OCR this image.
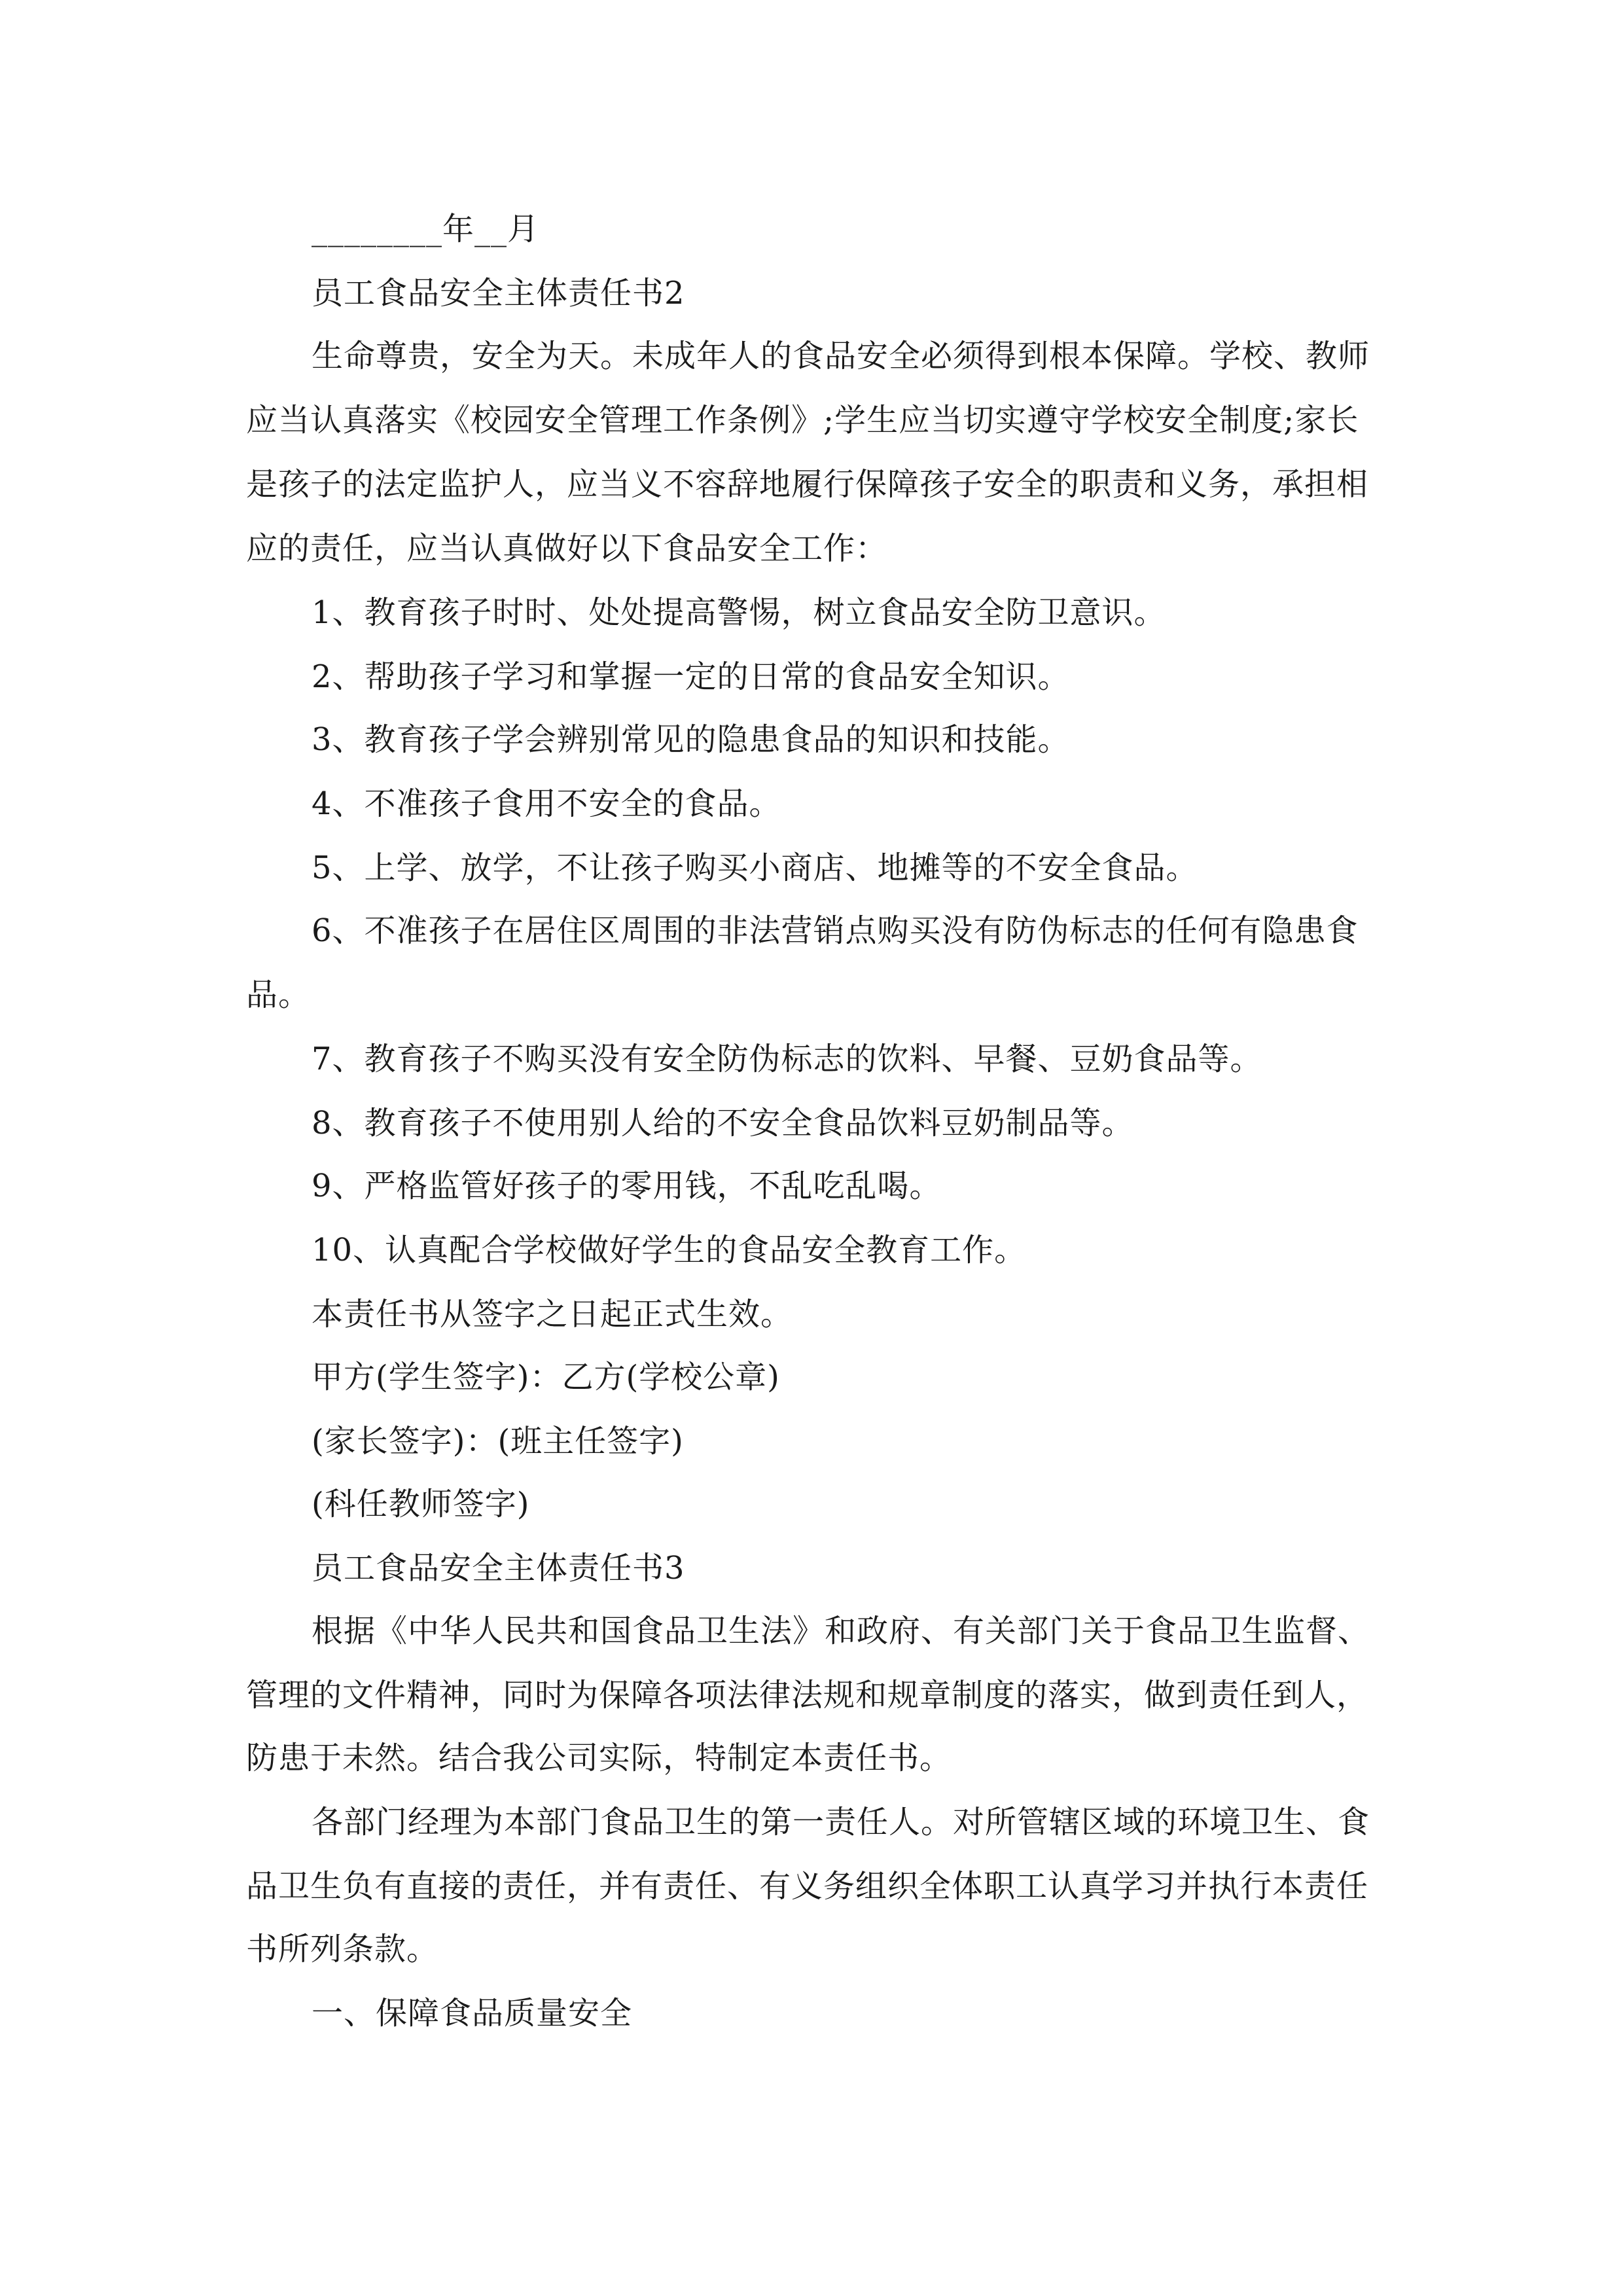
________年__月
员工食品安全主体责任书2
生命尊贵，安全为天。未成年人的食品安全必须得到根本保障。学校、教师
应当认真落实《校园安全管理工作条例》;学生应当切实遵守学校安全制度;家长
是孩子的法定监护人，应当义不容辞地履行保障孩子安全的职责和义务，承担相
应的责任，应当认真做好以下食品安全工作：
1、教育孩子时时、处处提高警惕，树立食品安全防卫意识。
2、帮助孩子学习和掌握一定的日常的食品安全知识。
3、教育孩子学会辨别常见的隐患食品的知识和技能。
4、不准孩子食用不安全的食品。
5、上学、放学，不让孩子购买小商店、地摊等的不安全食品。
6、不准孩子在居住区周围的非法营销点购买没有防伪标志的任何有隐患食
品。
7、教育孩子不购买没有安全防伪标志的饮料、早餐、豆奶食品等。
8、教育孩子不使用别人给的不安全食品饮料豆奶制品等。
9、严格监管好孩子的零用钱，不乱吃乱喝。
10、认真配合学校做好学生的食品安全教育工作。
本责任书从签字之日起正式生效。
甲方(学生签字)：乙方(学校公章)
(家长签字)：(班主任签字)
(科任教师签字)
员工食品安全主体责任书3
根据《中华人民共和国食品卫生法》和政府、有关部门关于食品卫生监督、
管理的文件精神，同时为保障各项法律法规和规章制度的落实，做到责任到人，
防患于未然。结合我公司实际，特制定本责任书。
各部门经理为本部门食品卫生的第一责任人。对所管辖区域的环境卫生、食
品卫生负有直接的责任，并有责任、有义务组织全体职工认真学习并执行本责任
书所列条款。
一、保障食品质量安全
